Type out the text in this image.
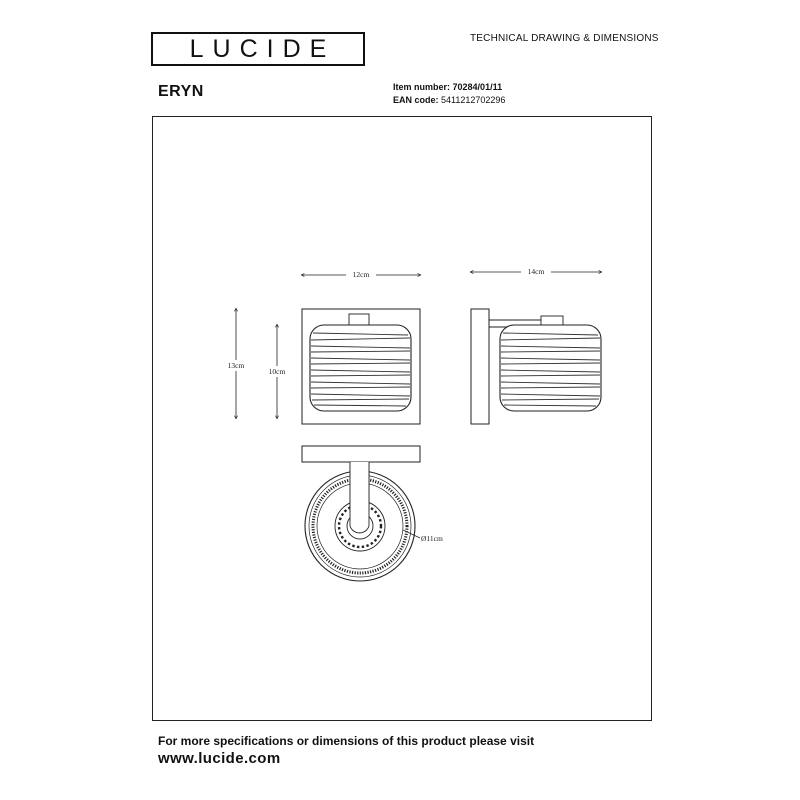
LUCIDE	TECHNICAL DRAWING & DIMENSIONS
ERYN	Item number: 70284/01/11
EAN code: 5411212702296
12cm
13cm
10cm
14cm
Ø11cm
For more specifications or dimensions of this product please visit
www.lucide.com
